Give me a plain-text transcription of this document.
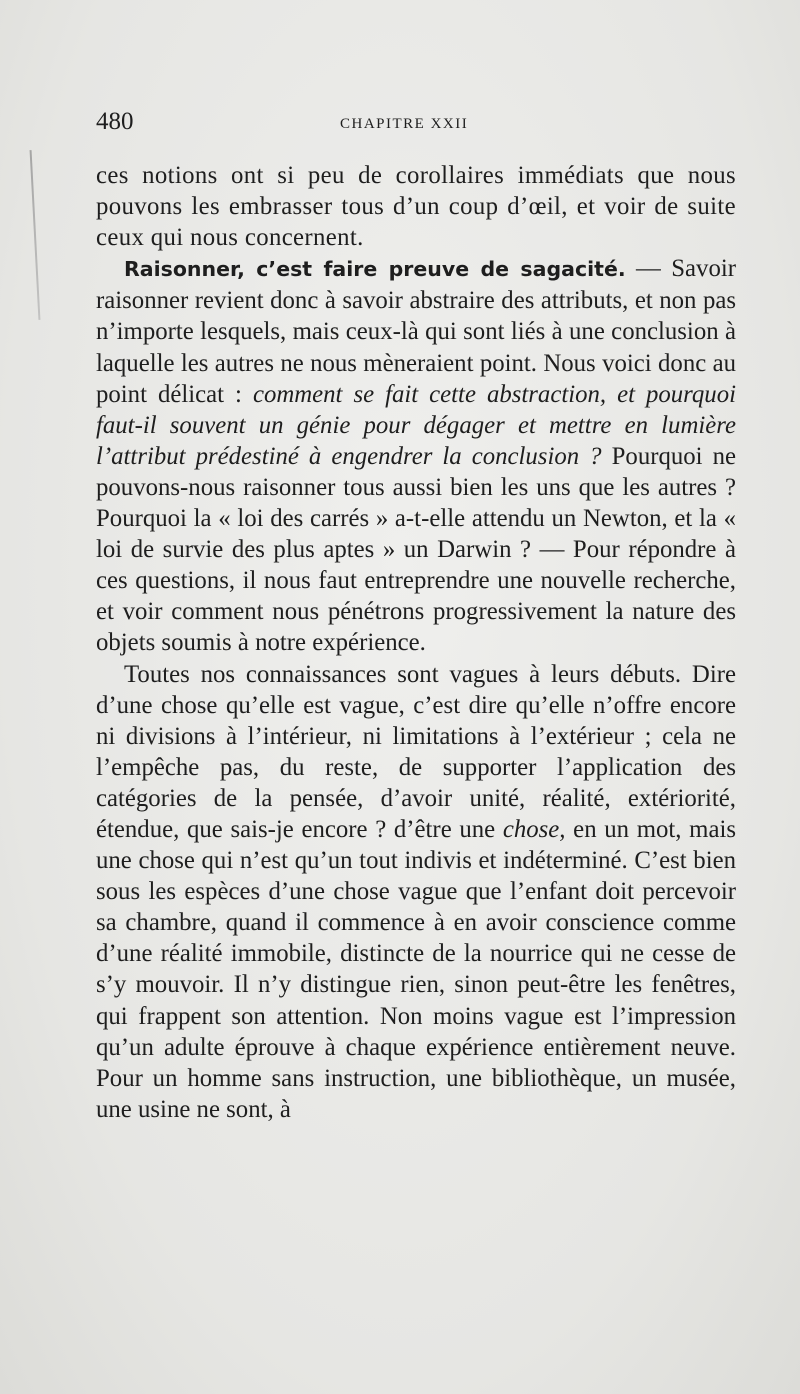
480	CHAPITRE XXII

ces notions ont si peu de corollaires immédiats que nous pouvons les embrasser tous d’un coup d’œil, et voir de suite ceux qui nous concernent.

Raisonner, c’est faire preuve de sagacité. — Savoir raisonner revient donc à savoir abstraire des attributs, et non pas n’importe lesquels, mais ceux-là qui sont liés à une conclusion à laquelle les autres ne nous mèneraient point. Nous voici donc au point délicat : comment se fait cette abstraction, et pourquoi faut-il souvent un génie pour dégager et mettre en lumière l’attribut prédestiné à engendrer la conclusion ? Pourquoi ne pouvons-nous raisonner tous aussi bien les uns que les autres ? Pourquoi la « loi des carrés » a-t-elle attendu un Newton, et la « loi de survie des plus aptes » un Darwin ? — Pour répondre à ces questions, il nous faut entreprendre une nouvelle recherche, et voir comment nous pénétrons progressivement la nature des objets soumis à notre expérience.

Toutes nos connaissances sont vagues à leurs débuts. Dire d’une chose qu’elle est vague, c’est dire qu’elle n’offre encore ni divisions à l’intérieur, ni limitations à l’extérieur ; cela ne l’empêche pas, du reste, de supporter l’application des catégories de la pensée, d’avoir unité, réalité, extériorité, étendue, que sais-je encore ? d’être une chose, en un mot, mais une chose qui n’est qu’un tout indivis et indéterminé. C’est bien sous les espèces d’une chose vague que l’enfant doit percevoir sa chambre, quand il commence à en avoir conscience comme d’une réalité immobile, distincte de la nourrice qui ne cesse de s’y mouvoir. Il n’y distingue rien, sinon peut-être les fenêtres, qui frappent son attention. Non moins vague est l’impression qu’un adulte éprouve à chaque expérience entièrement neuve. Pour un homme sans instruction, une bibliothèque, un musée, une usine ne sont, à
